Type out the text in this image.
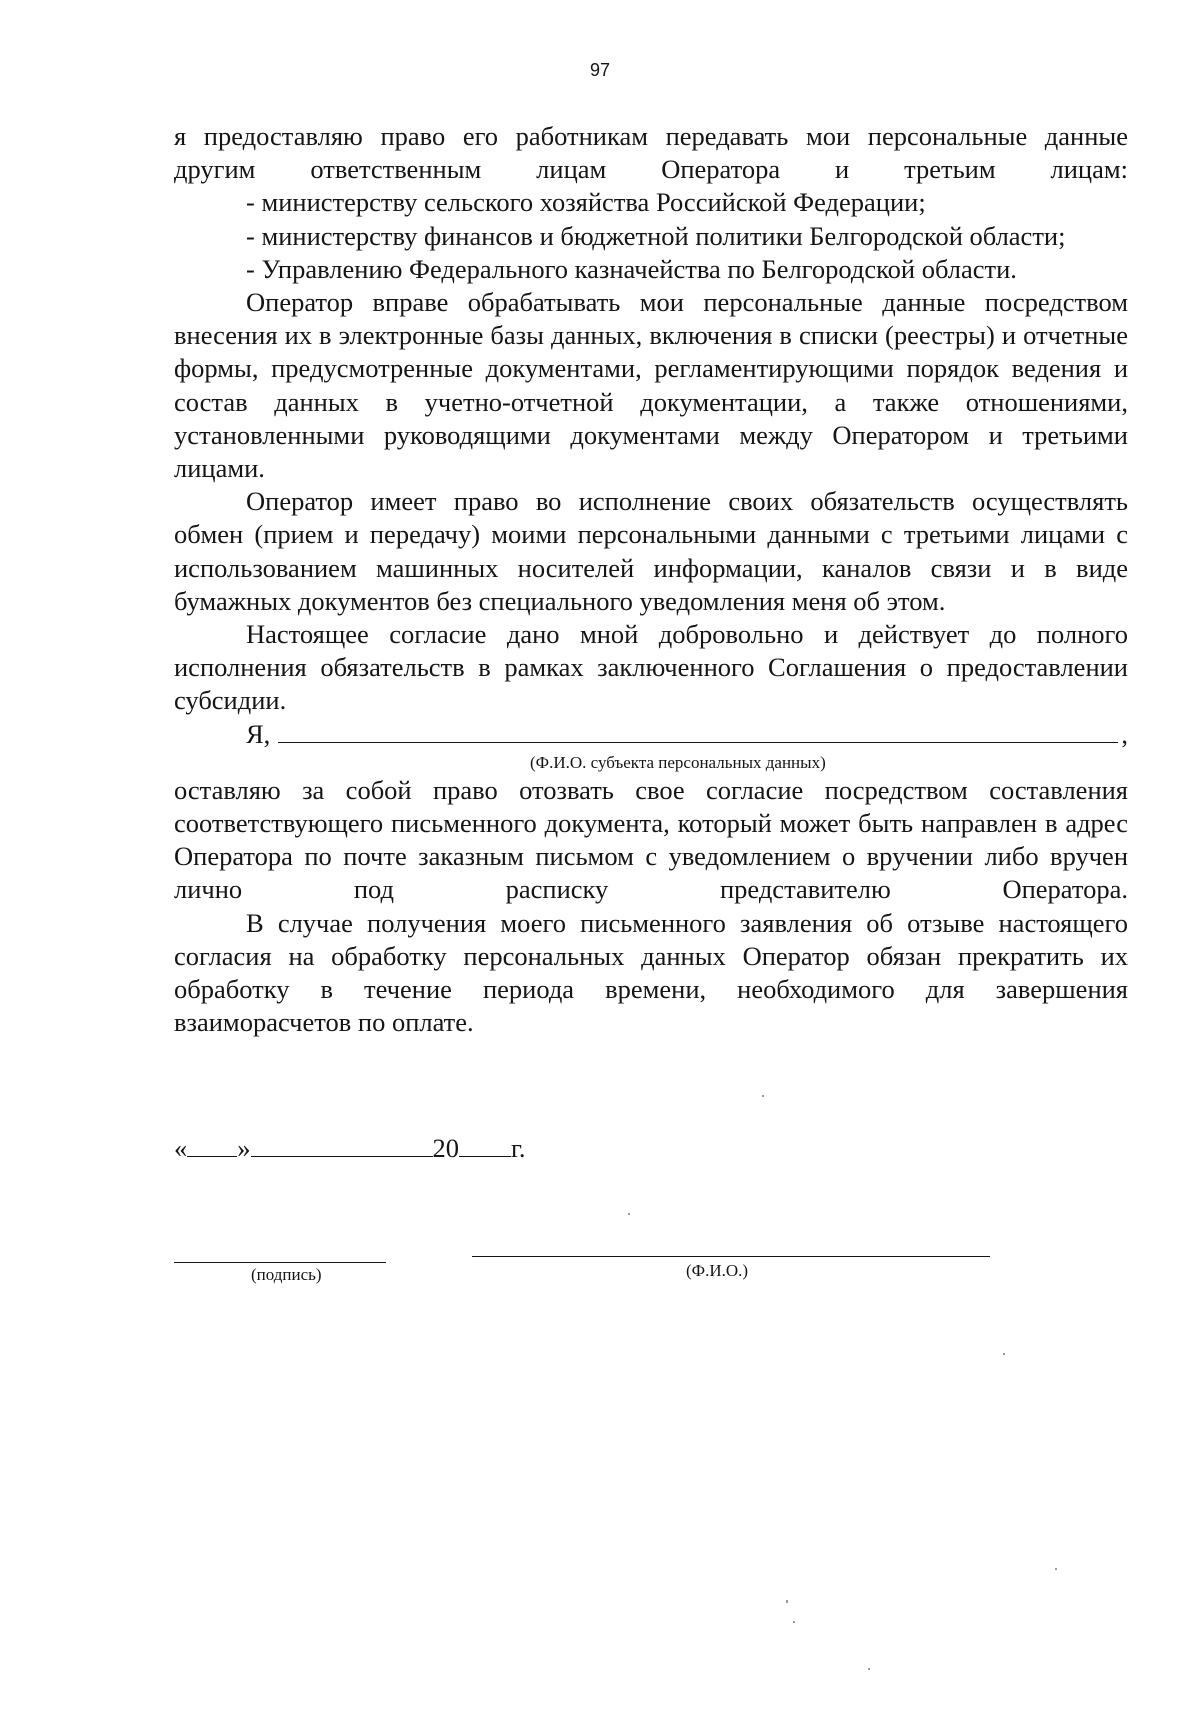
97

я предоставляю право его работникам передавать мои персональные данные другим ответственным лицам Оператора и третьим лицам:

- министерству сельского хозяйства Российской Федерации;

- министерству финансов и бюджетной политики Белгородской области;

- Управлению Федерального казначейства по Белгородской области.

Оператор вправе обрабатывать мои персональные данные посредством внесения их в электронные базы данных, включения в списки (реестры) и отчетные формы, предусмотренные документами, регламентирующими порядок ведения и состав данных в учетно-отчетной документации, а также отношениями, установленными руководящими документами между Оператором и третьими лицами.

Оператор имеет право во исполнение своих обязательств осуществлять обмен (прием и передачу) моими персональными данными с третьими лицами с использованием машинных носителей информации, каналов связи и в виде бумажных документов без специального уведомления меня об этом.

Настоящее согласие дано мной добровольно и действует до полного исполнения обязательств в рамках заключенного Соглашения о предоставлении субсидии.

Я,	,
(Ф.И.О. субъекта персональных данных)

оставляю за собой право отозвать свое согласие посредством составления соответствующего письменного документа, который может быть направлен в адрес Оператора по почте заказным письмом с уведомлением о вручении либо вручен лично под расписку представителю Оператора.

В случае получения моего письменного заявления об отзыве настоящего согласия на обработку персональных данных Оператор обязан прекратить их обработку в течение периода времени, необходимого для завершения взаиморасчетов по оплате.

« »	20 г.
(подпись)	(Ф.И.О.)
